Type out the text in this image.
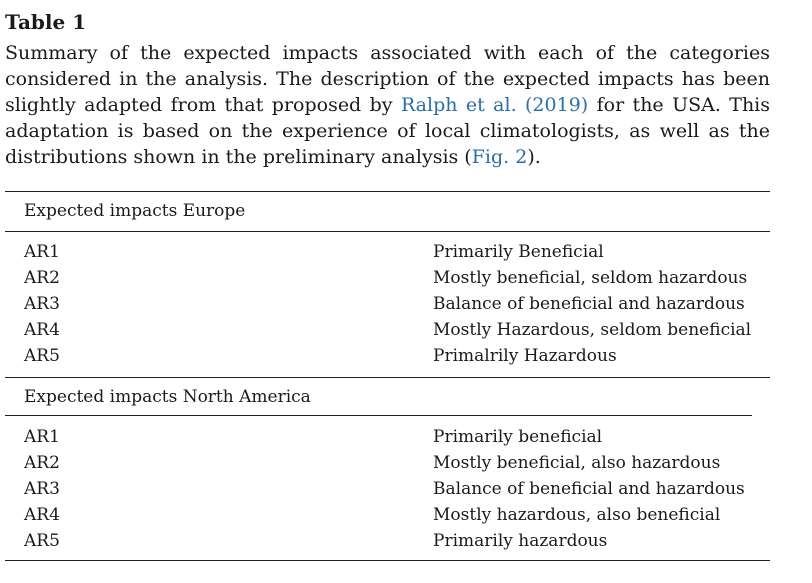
Table 1

Summary of the expected impacts associated with each of the categories considered in the analysis. The description of the expected impacts has been slightly adapted from that proposed by Ralph et al. (2019) for the USA. This adaptation is based on the experience of local climatologists, as well as the distributions shown in the preliminary analysis (Fig. 2).

Expected impacts Europe
AR1	Primarily Beneficial
AR2	Mostly beneficial, seldom hazardous
AR3	Balance of beneficial and hazardous
AR4	Mostly Hazardous, seldom beneficial
AR5	Primalrily Hazardous
Expected impacts North America
AR1	Primarily beneficial
AR2	Mostly beneficial, also hazardous
AR3	Balance of beneficial and hazardous
AR4	Mostly hazardous, also beneficial
AR5	Primarily hazardous
